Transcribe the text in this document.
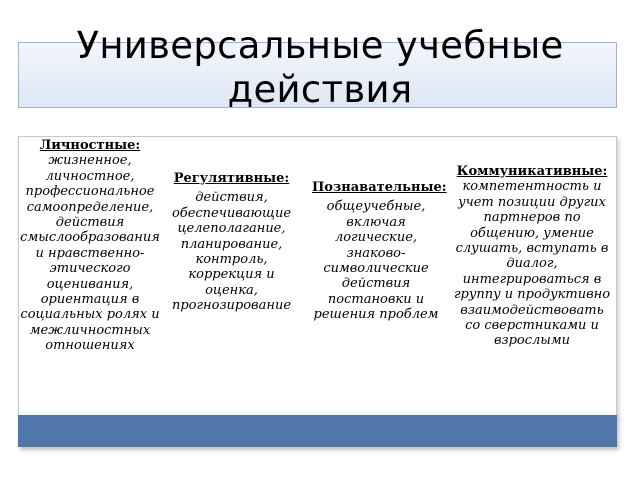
Универсальные учебные действия
Личностные: жизненное, личностное, профессиональное самоопределение, действия смыслообразования и нравственно-этического оценивания, ориентация в социальных ролях и межличностных отношениях
Регулятивные:
действия, обеспечивающие целеполагание, планирование, контроль, коррекция и оценка, прогнозирование
Познавательные:
общеучебные, включая логические, знаково-символические действия постановки и решения проблем
Коммуникативные: компетентность и учет позиции других партнеров по общению, умение слушать, вступать в диалог, интегрироваться в группу и продуктивно взаимодействовать со сверстниками и взрослыми
